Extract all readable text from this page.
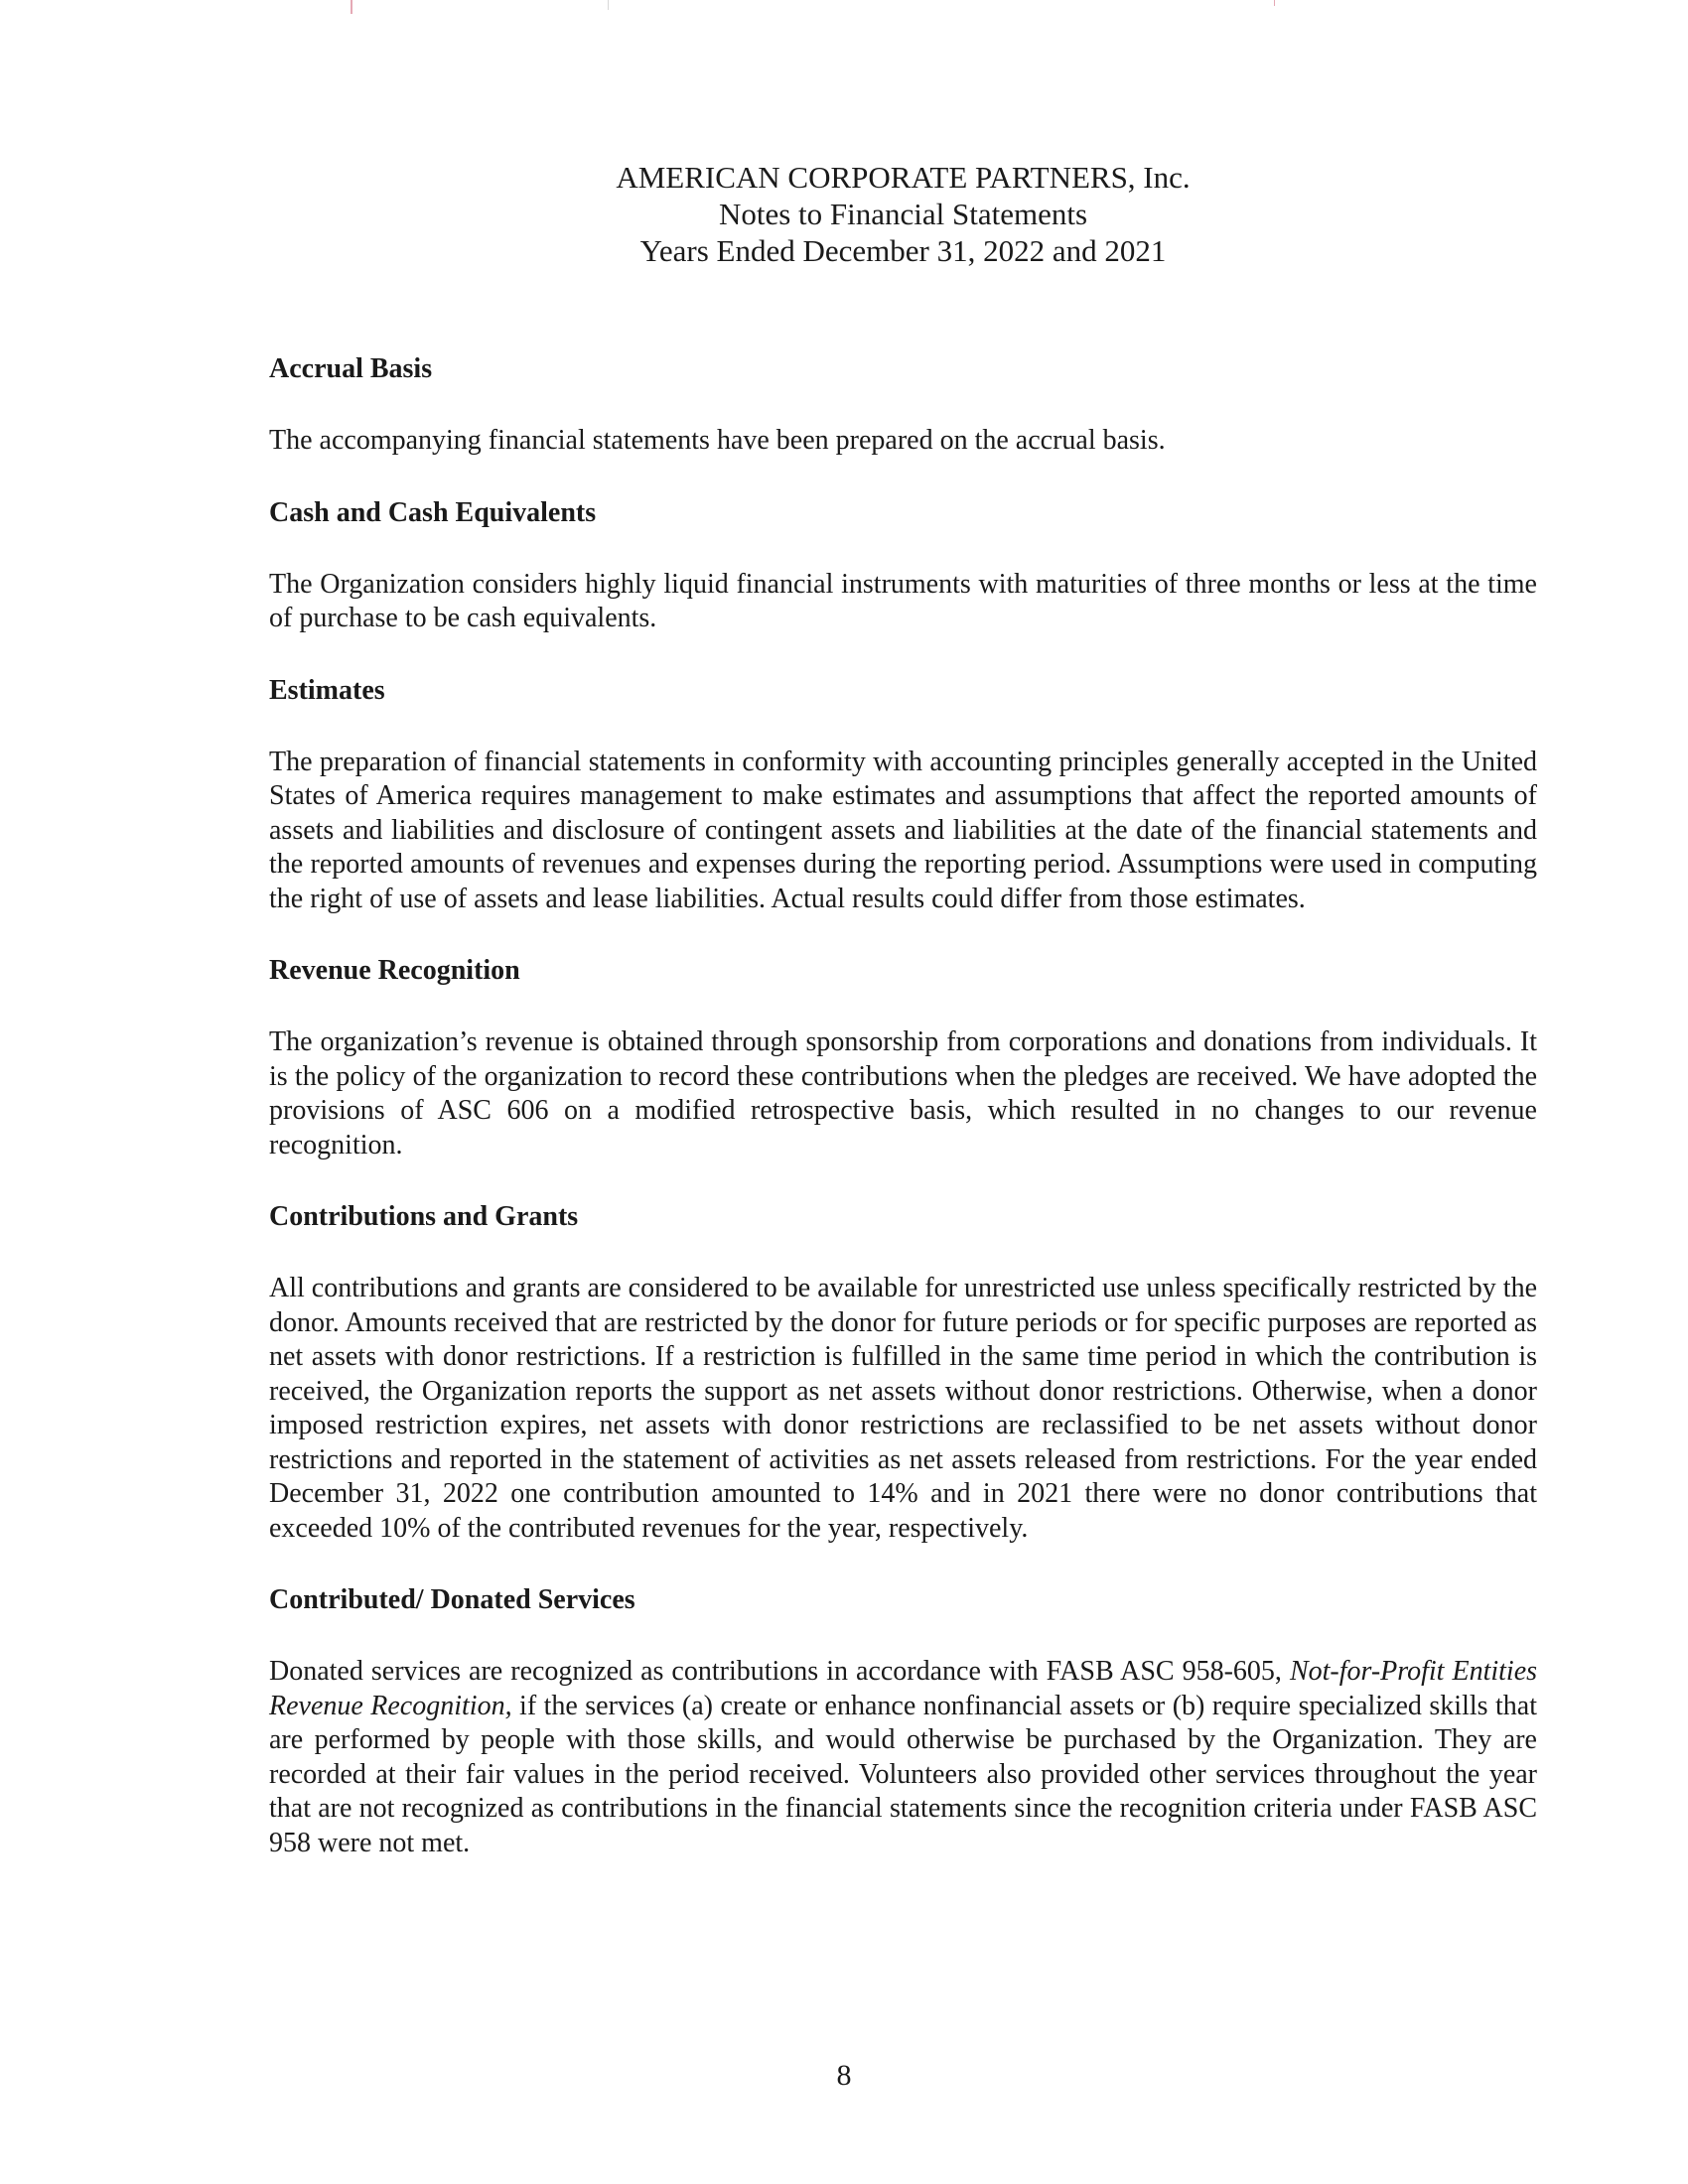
AMERICAN CORPORATE PARTNERS, Inc.
Notes to Financial Statements
Years Ended December 31, 2022 and 2021
Accrual Basis

The accompanying financial statements have been prepared on the accrual basis.

Cash and Cash Equivalents

The Organization considers highly liquid financial instruments with maturities of three months or less at the time of purchase to be cash equivalents.

Estimates

The preparation of financial statements in conformity with accounting principles generally accepted in the United States of America requires management to make estimates and assumptions that affect the reported amounts of assets and liabilities and disclosure of contingent assets and liabilities at the date of the financial statements and the reported amounts of revenues and expenses during the reporting period. Assumptions were used in computing the right of use of assets and lease liabilities. Actual results could differ from those estimates.

Revenue Recognition

The organization’s revenue is obtained through sponsorship from corporations and donations from individuals. It is the policy of the organization to record these contributions when the pledges are received. We have adopted the provisions of ASC 606 on a modified retrospective basis, which resulted in no changes to our revenue recognition.

Contributions and Grants

All contributions and grants are considered to be available for unrestricted use unless specifically restricted by the donor. Amounts received that are restricted by the donor for future periods or for specific purposes are reported as net assets with donor restrictions. If a restriction is fulfilled in the same time period in which the contribution is received, the Organization reports the support as net assets without donor restrictions. Otherwise, when a donor imposed restriction expires, net assets with donor restrictions are reclassified to be net assets without donor restrictions and reported in the statement of activities as net assets released from restrictions. For the year ended December 31, 2022 one contribution amounted to 14% and in 2021 there were no donor contributions that exceeded 10% of the contributed revenues for the year, respectively.

Contributed/ Donated Services

Donated services are recognized as contributions in accordance with FASB ASC 958-605, Not-for-Profit Entities Revenue Recognition, if the services (a) create or enhance nonfinancial assets or (b) require specialized skills that are performed by people with those skills, and would otherwise be purchased by the Organization. They are recorded at their fair values in the period received. Volunteers also provided other services throughout the year that are not recognized as contributions in the financial statements since the recognition criteria under FASB ASC 958 were not met.

8
